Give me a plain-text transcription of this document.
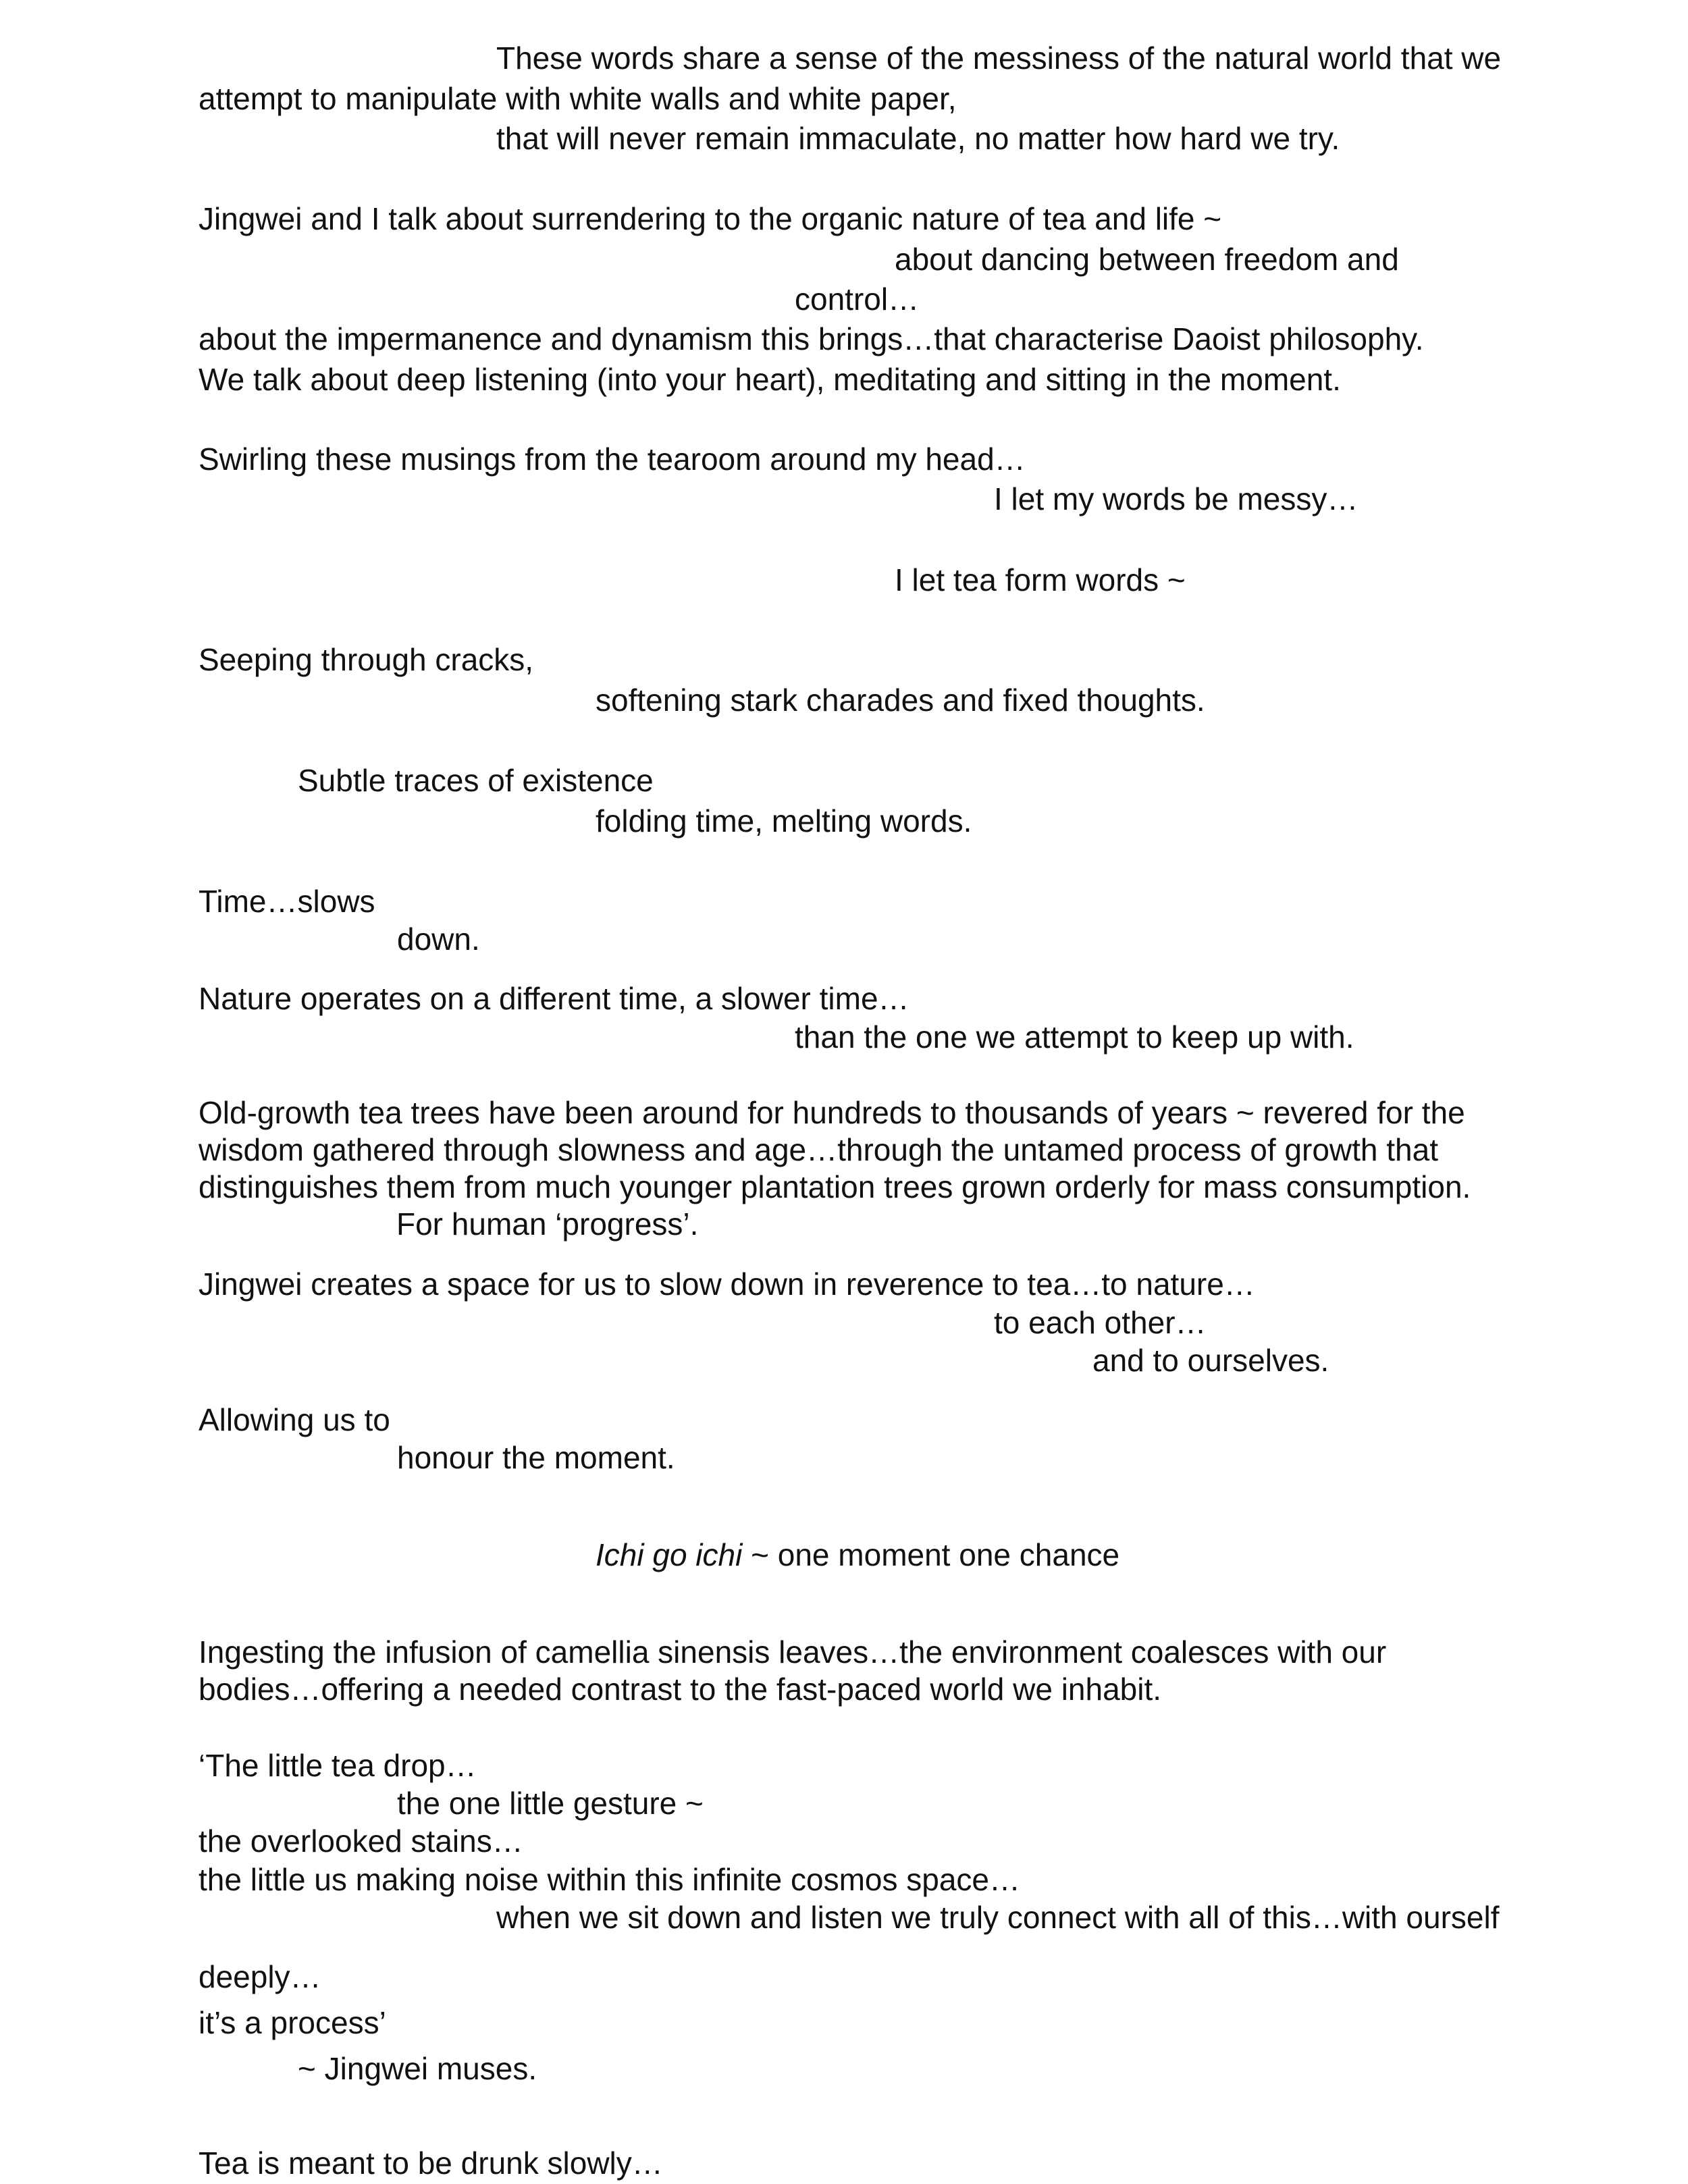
These words share a sense of the messiness of the natural world that we

attempt to manipulate with white walls and white paper,

that will never remain immaculate, no matter how hard we try.

Jingwei and I talk about surrendering to the organic nature of tea and life ~

about dancing between freedom and

control…

about the impermanence and dynamism this brings…that characterise Daoist philosophy.

We talk about deep listening (into your heart), meditating and sitting in the moment.

Swirling these musings from the tearoom around my head…

I let my words be messy…

I let tea form words ~

Seeping through cracks,

softening stark charades and fixed thoughts.

Subtle traces of existence

folding time, melting words.

Time…slows

down.

Nature operates on a different time, a slower time…

than the one we attempt to keep up with.

Old-growth tea trees have been around for hundreds to thousands of years ~ revered for the wisdom gathered through slowness and age…through the untamed process of growth that distinguishes them from much younger plantation trees grown orderly for mass consumption.
For human ‘progress’.

Jingwei creates a space for us to slow down in reverence to tea…to nature…

to each other…

and to ourselves.

Allowing us to

honour the moment.

Ichi go ichi ~ one moment one chance

Ingesting the infusion of camellia sinensis leaves…the environment coalesces with our bodies…offering a needed contrast to the fast-paced world we inhabit.

‘The little tea drop…

the one little gesture ~

the overlooked stains…

the little us making noise within this infinite cosmos space…

when we sit down and listen we truly connect with all of this…with ourself

deeply…

it’s a process’

~ Jingwei muses.

Tea is meant to be drunk slowly…
